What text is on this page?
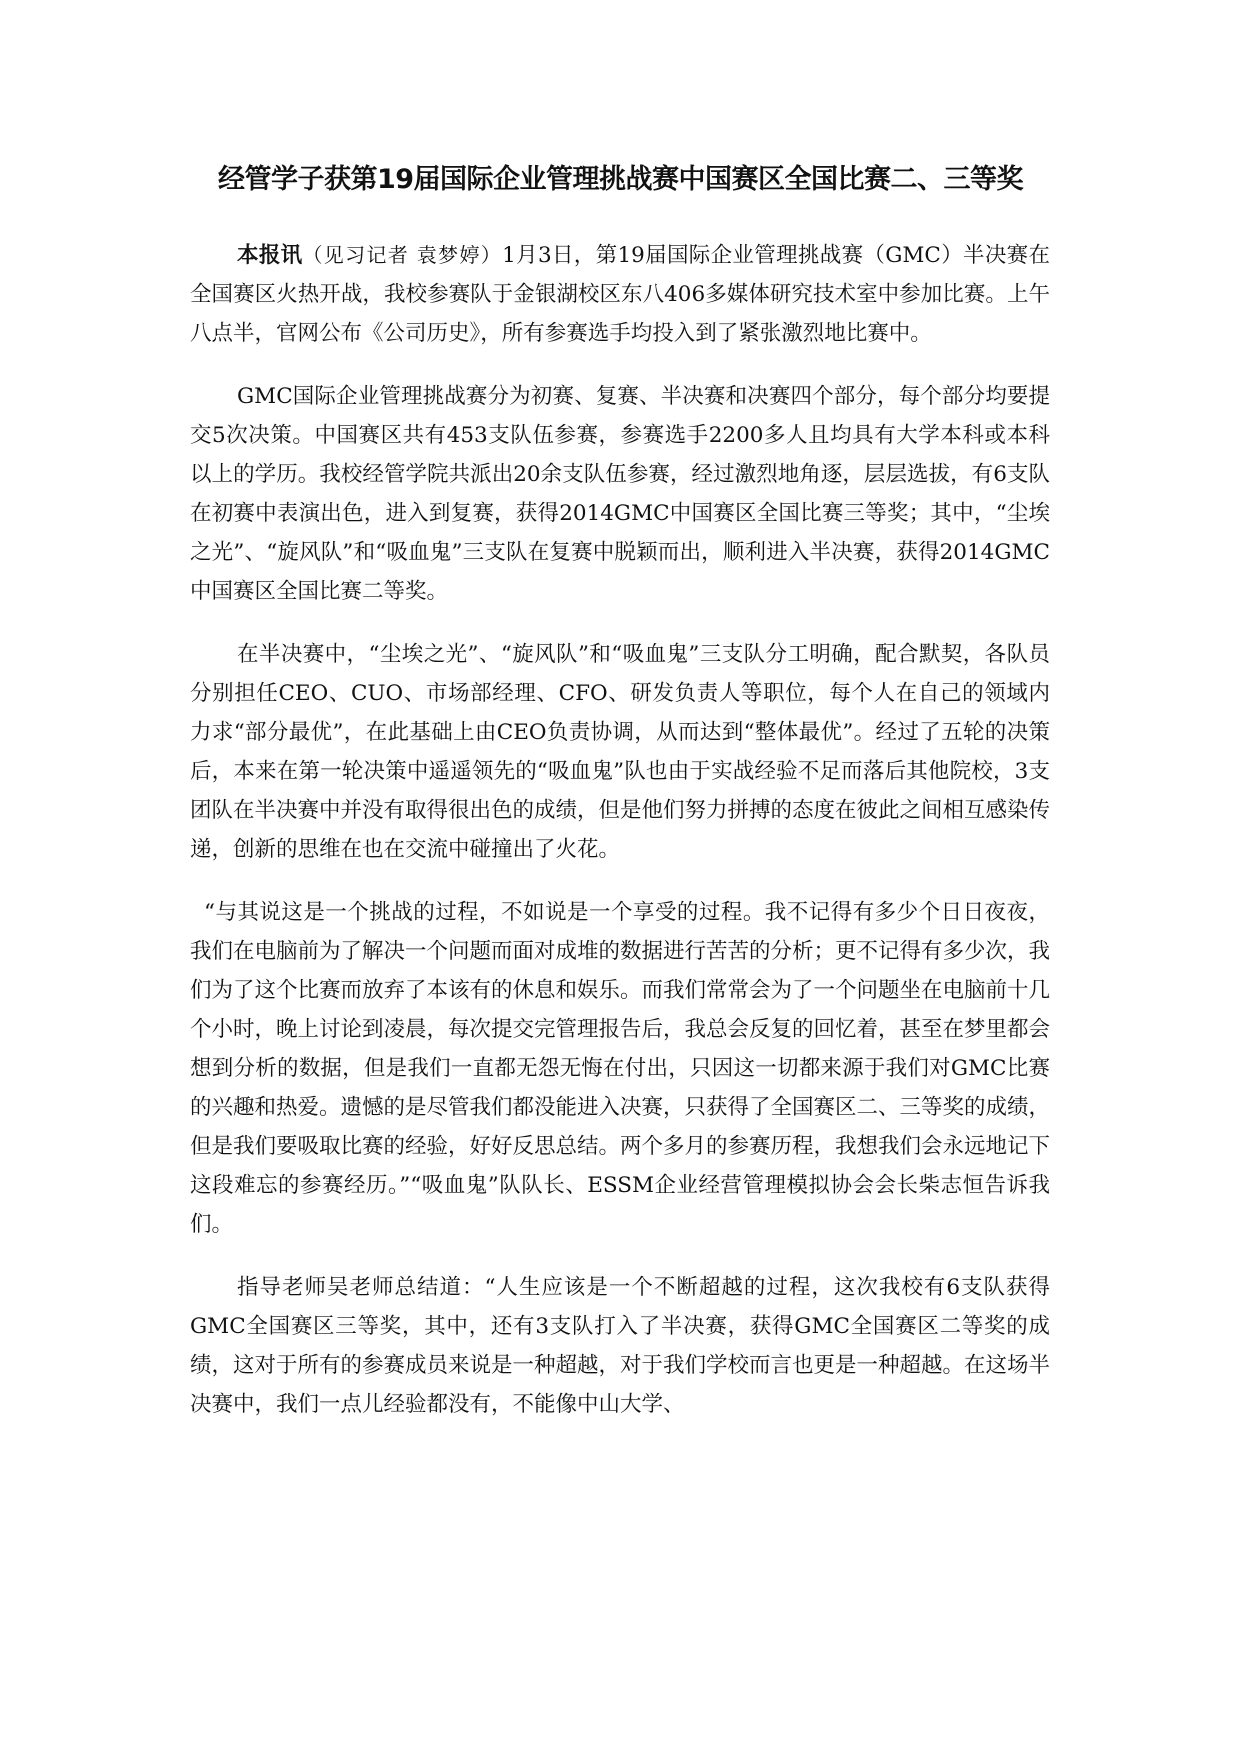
经管学子获第19届国际企业管理挑战赛中国赛区全国比赛二、三等奖

本报讯（见习记者 袁梦婷）1月3日，第19届国际企业管理挑战赛（GMC）半决赛在全国赛区火热开战，我校参赛队于金银湖校区东八406多媒体研究技术室中参加比赛。上午八点半，官网公布《公司历史》，所有参赛选手均投入到了紧张激烈地比赛中。

GMC国际企业管理挑战赛分为初赛、复赛、半决赛和决赛四个部分，每个部分均要提交5次决策。中国赛区共有453支队伍参赛，参赛选手2200多人且均具有大学本科或本科以上的学历。我校经管学院共派出20余支队伍参赛，经过激烈地角逐，层层选拔，有6支队在初赛中表演出色，进入到复赛，获得2014GMC中国赛区全国比赛三等奖；其中，“尘埃之光”、“旋风队”和“吸血鬼”三支队在复赛中脱颖而出，顺利进入半决赛，获得2014GMC中国赛区全国比赛二等奖。

在半决赛中，“尘埃之光”、“旋风队”和“吸血鬼”三支队分工明确，配合默契，各队员分别担任CEO、CUO、市场部经理、CFO、研发负责人等职位，每个人在自己的领域内力求“部分最优”，在此基础上由CEO负责协调，从而达到“整体最优”。经过了五轮的决策后，本来在第一轮决策中遥遥领先的“吸血鬼”队也由于实战经验不足而落后其他院校，3支团队在半决赛中并没有取得很出色的成绩，但是他们努力拼搏的态度在彼此之间相互感染传递，创新的思维在也在交流中碰撞出了火花。

“与其说这是一个挑战的过程，不如说是一个享受的过程。我不记得有多少个日日夜夜，我们在电脑前为了解决一个问题而面对成堆的数据进行苦苦的分析；更不记得有多少次，我们为了这个比赛而放弃了本该有的休息和娱乐。而我们常常会为了一个问题坐在电脑前十几个小时，晚上讨论到凌晨，每次提交完管理报告后，我总会反复的回忆着，甚至在梦里都会想到分析的数据，但是我们一直都无怨无悔在付出，只因这一切都来源于我们对GMC比赛的兴趣和热爱。遗憾的是尽管我们都没能进入决赛，只获得了全国赛区二、三等奖的成绩，但是我们要吸取比赛的经验，好好反思总结。两个多月的参赛历程，我想我们会永远地记下这段难忘的参赛经历。”“吸血鬼”队队长、ESSM企业经营管理模拟协会会长柴志恒告诉我们。

指导老师吴老师总结道：“人生应该是一个不断超越的过程，这次我校有6支队获得GMC全国赛区三等奖，其中，还有3支队打入了半决赛，获得GMC全国赛区二等奖的成绩，这对于所有的参赛成员来说是一种超越，对于我们学校而言也更是一种超越。在这场半决赛中，我们一点儿经验都没有，不能像中山大学、
